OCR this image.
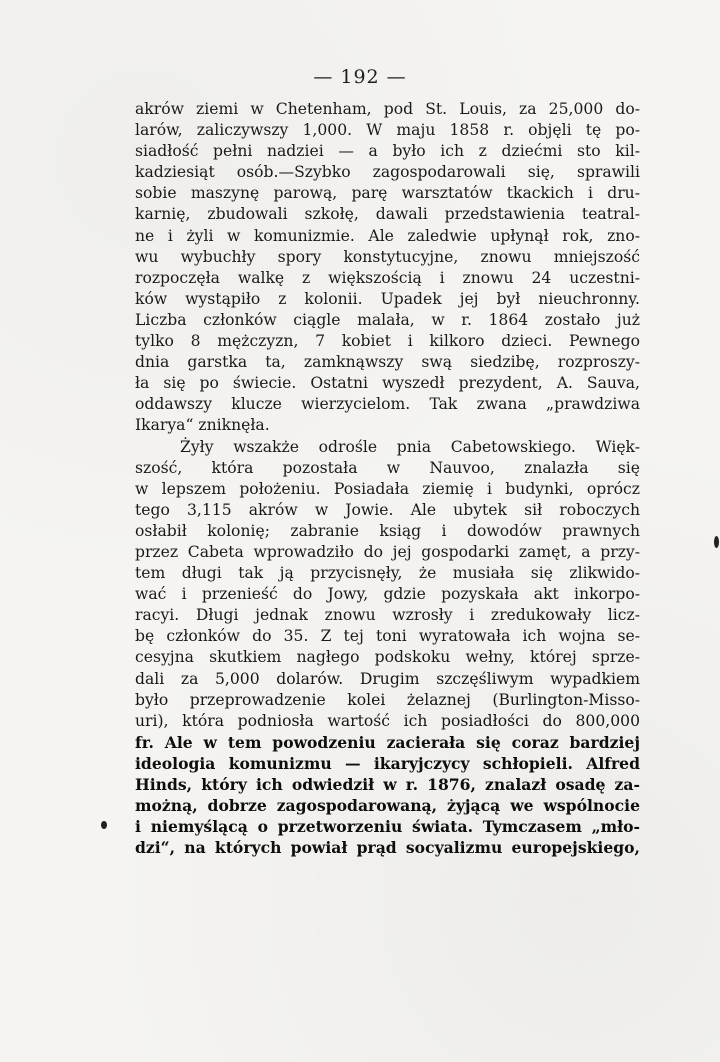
— 192 —
akrów ziemi w Chetenham, pod St. Louis, za 25,000 do-
larów, zaliczywszy 1,000. W maju 1858 r. objęli tę po-
siadłość pełni nadziei — a było ich z dziećmi sto kil-
kadziesiąt osób.—Szybko zagospodarowali się, sprawili
sobie maszynę parową, parę warsztatów tkackich i dru-
karnię, zbudowali szkołę, dawali przedstawienia teatral-
ne i żyli w komunizmie. Ale zaledwie upłynął rok, zno-
wu wybuchły spory konstytucyjne, znowu mniejszość
rozpoczęła walkę z większością i znowu 24 uczestni-
ków wystąpiło z kolonii. Upadek jej był nieuchronny.
Liczba członków ciągle malała, w r. 1864 zostało już
tylko 8 mężczyzn, 7 kobiet i kilkoro dzieci. Pewnego
dnia garstka ta, zamknąwszy swą siedzibę, rozproszy-
ła się po świecie. Ostatni wyszedł prezydent, A. Sauva,
oddawszy klucze wierzycielom. Tak zwana „prawdziwa
Ikarya“ zniknęła.
Żyły wszakże odrośle pnia Cabetowskiego. Więk-
szość, która pozostała w Nauvoo, znalazła się
w lepszem położeniu. Posiadała ziemię i budynki, oprócz
tego 3,115 akrów w Jowie. Ale ubytek sił roboczych
osłabił kolonię; zabranie ksiąg i dowodów prawnych
przez Cabeta wprowadziło do jej gospodarki zamęt, a przy-
tem długi tak ją przycisnęły, że musiała się zlikwido-
wać i przenieść do Jowy, gdzie pozyskała akt inkorpo-
racyi. Długi jednak znowu wzrosły i zredukowały licz-
bę członków do 35. Z tej toni wyratowała ich wojna se-
cesyjna skutkiem nagłego podskoku wełny, której sprze-
dali za 5,000 dolarów. Drugim szczęśliwym wypadkiem
było przeprowadzenie kolei żelaznej (Burlington-Misso-
uri), która podniosła wartość ich posiadłości do 800,000
fr. Ale w tem powodzeniu zacierała się coraz bardziej
ideologia komunizmu — ikaryjczycy schłopieli. Alfred
Hinds, który ich odwiedził w r. 1876, znalazł osadę za-
możną, dobrze zagospodarowaną, żyjącą we wspólnocie
i niemyślącą o przetworzeniu świata. Tymczasem „mło-
dzi“, na których powiał prąd socyalizmu europejskiego,
